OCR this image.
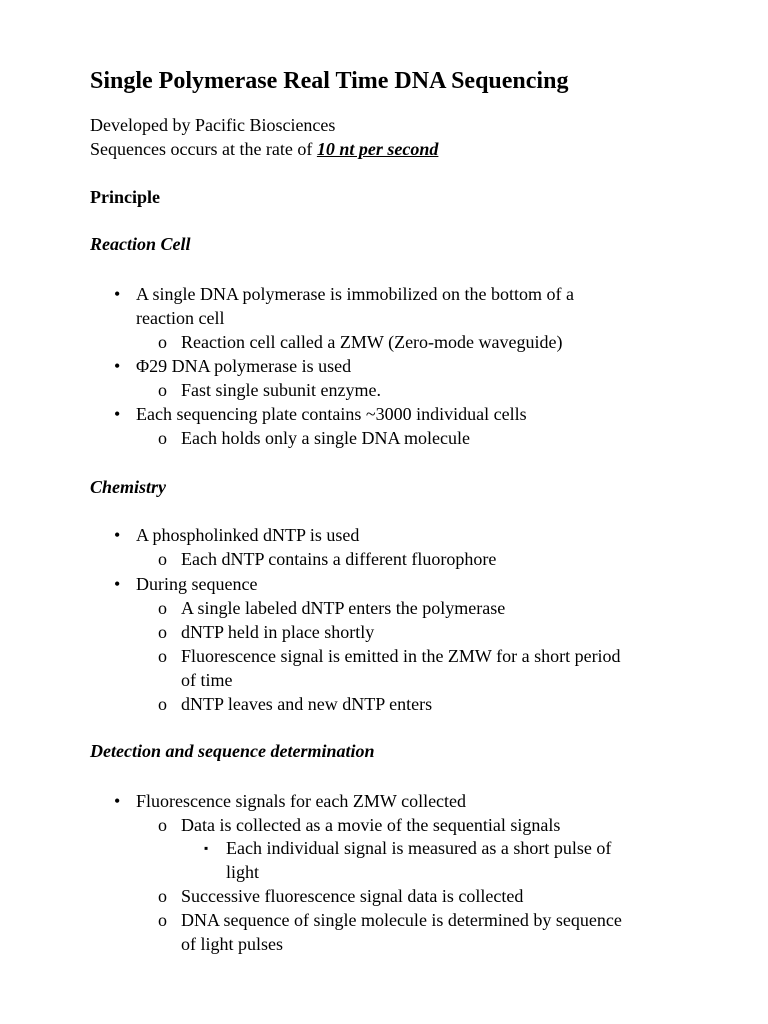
Single Polymerase Real Time DNA Sequencing
Developed by Pacific Biosciences
Sequences occurs at the rate of 10 nt per second
Principle
Reaction Cell
• A single DNA polymerase is immobilized on the bottom of a
reaction cell
o Reaction cell called a ZMW (Zero-mode waveguide)
• Φ29 DNA polymerase is used
o Fast single subunit enzyme.
• Each sequencing plate contains ~3000 individual cells
o Each holds only a single DNA molecule
Chemistry
• A phospholinked dNTP is used
o Each dNTP contains a different fluorophore
• During sequence
o A single labeled dNTP enters the polymerase
o dNTP held in place shortly
o Fluorescence signal is emitted in the ZMW for a short period
of time
o dNTP leaves and new dNTP enters
Detection and sequence determination
• Fluorescence signals for each ZMW collected
o Data is collected as a movie of the sequential signals
▪ Each individual signal is measured as a short pulse of
light
o Successive fluorescence signal data is collected
o DNA sequence of single molecule is determined by sequence
of light pulses
